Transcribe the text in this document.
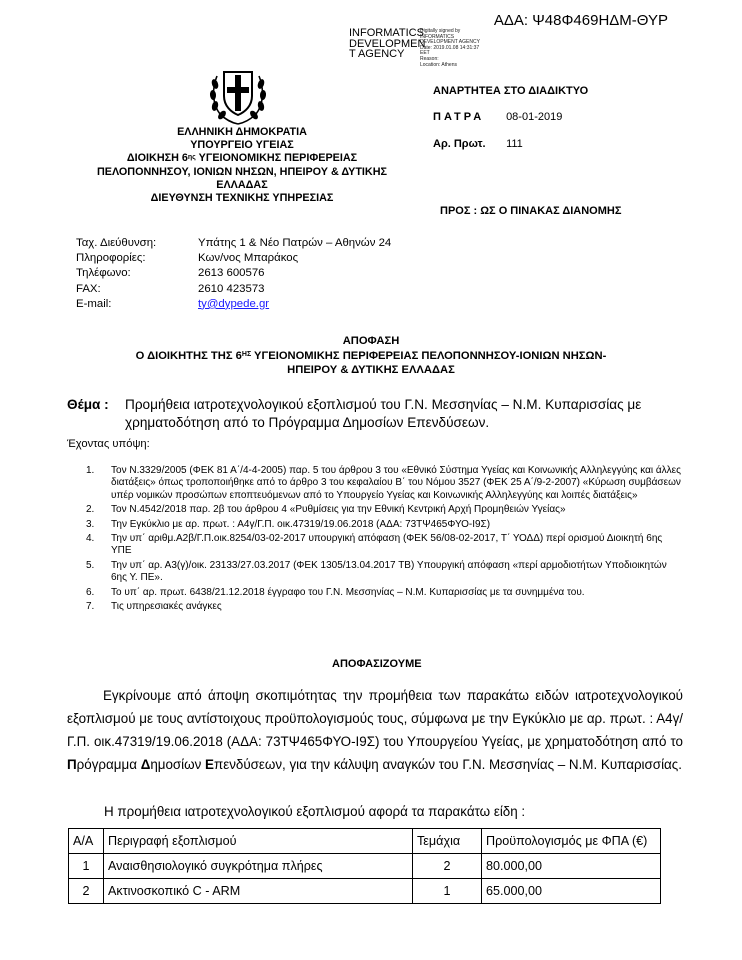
ΑΔΑ: Ψ48Φ469ΗΔΜ-ΘΥΡ
INFORMATICS
DEVELOPMEN
T AGENCY
Digitally signed by
INFORMATICS
DEVELOPMENT AGENCY
Date: 2019.01.08 14:31:37
EET
Reason:
Location: Athens
ΕΛΛΗΝΙΚΗ ΔΗΜΟΚΡΑΤΙΑ
ΥΠΟΥΡΓΕΙΟ ΥΓΕΙΑΣ
ΔΙΟΙΚΗΣΗ $6^{\eta\varsigma}$ ΥΓΕΙΟΝΟΜΙΚΗΣ ΠΕΡΙΦΕΡΕΙΑΣ
ΠΕΛΟΠΟΝΝΗΣΟΥ, ΙΟΝΙΩΝ ΝΗΣΩΝ, ΗΠΕΙΡΟΥ & ΔΥΤΙΚΗΣ
ΕΛΛΑΔΑΣ
ΔΙΕΥΘΥΝΣΗ ΤΕΧΝΙΚΗΣ ΥΠΗΡΕΣΙΑΣ
ΑΝΑΡΤΗΤΕΑ ΣΤΟ ΔΙΑΔΙΚΤΥΟ
ΠΑΤΡΑ 08-01-2019
Αρ. Πρωτ. 111
ΠΡΟΣ : ΩΣ Ο ΠΙΝΑΚΑΣ ΔΙΑΝΟΜΗΣ
Ταχ. Διεύθυνση:	Υπάτης 1 & Νέο Πατρών – Αθηνών 24
Πληροφορίες:	Κων/νος Μπαράκος
Τηλέφωνο:	2613 600576
FAX:	2610 423573
E-mail:	ty@dypede.gr
ΑΠΟΦΑΣΗ
Ο ΔΙΟΙΚΗΤΗΣ ΤΗΣ $6^{H\Sigma}$ ΥΓΕΙΟΝΟΜΙΚΗΣ ΠΕΡΙΦΕΡΕΙΑΣ ΠΕΛΟΠΟΝΝΗΣΟΥ-ΙΟΝΙΩΝ ΝΗΣΩΝ-
ΗΠΕΙΡΟΥ & ΔΥΤΙΚΗΣ ΕΛΛΑΔΑΣ
Θέμα : Προμήθεια ιατροτεχνολογικού εξοπλισμού του Γ.Ν. Μεσσηνίας – Ν.Μ. Κυπαρισσίας με χρηματοδότηση από το Πρόγραμμα Δημοσίων Επενδύσεων.
Έχοντας υπόψη:
1.	Τον Ν.3329/2005 (ΦΕΚ 81 Α΄/4-4-2005) παρ. 5 του άρθρου 3 του «Εθνικό Σύστημα Υγείας και Κοινωνικής Αλληλεγγύης και άλλες διατάξεις» όπως τροποποιήθηκε από το άρθρο 3 του κεφαλαίου Β΄ του Νόμου 3527 (ΦΕΚ 25 Α΄/9-2-2007) «Κύρωση συμβάσεων υπέρ νομικών προσώπων εποπτευόμενων από το Υπουργείο Υγείας και Κοινωνικής Αλληλεγγύης και λοιπές διατάξεις»
2.	Τον Ν.4542/2018 παρ. 2β του άρθρου 4 «Ρυθμίσεις για την Εθνική Κεντρική Αρχή Προμηθειών Υγείας»
3.	Την Εγκύκλιο με αρ. πρωτ. : Α4γ/Γ.Π. οικ.47319/19.06.2018 (ΑΔΑ: 73ΤΨ465ΦΥΟ-Ι9Σ)
4.	Την υπ΄ αριθμ.Α2β/Γ.Π.οικ.8254/03-02-2017 υπουργική απόφαση (ΦΕΚ 56/08-02-2017, Τ΄ ΥΟΔΔ) περί ορισμού Διοικητή 6ης ΥΠΕ
5.	Την υπ΄ αρ. Α3(γ)/οικ. 23133/27.03.2017 (ΦΕΚ 1305/13.04.2017 ΤΒ) Υπουργική απόφαση «περί αρμοδιοτήτων Υποδιοικητών 6ης Υ. ΠΕ».
6.	Το υπ΄ αρ. πρωτ. 6438/21.12.2018 έγγραφο του Γ.Ν. Μεσσηνίας – Ν.Μ. Κυπαρισσίας με τα συνημμένα του.
7.	Τις υπηρεσιακές ανάγκες
ΑΠΟΦΑΣΙΖΟΥΜΕ
Εγκρίνουμε από άποψη σκοπιμότητας την προμήθεια των παρακάτω ειδών ιατροτεχνολογικού εξοπλισμού με τους αντίστοιχους προϋπολογισμούς τους, σύμφωνα με την Εγκύκλιο με αρ. πρωτ. : Α4γ/Γ.Π. οικ.47319/19.06.2018 (ΑΔΑ: 73ΤΨ465ΦΥΟ-Ι9Σ) του Υπουργείου Υγείας, με χρηματοδότηση από το Πρόγραμμα Δημοσίων Επενδύσεων, για την κάλυψη αναγκών του Γ.Ν. Μεσσηνίας – Ν.Μ. Κυπαρισσίας.
Η προμήθεια ιατροτεχνολογικού εξοπλισμού αφορά τα παρακάτω είδη :
Α/Α	Περιγραφή εξοπλισμού	Τεμάχια	Προϋπολογισμός με ΦΠΑ (€)
1	Αναισθησιολογικό συγκρότημα πλήρες	2	80.000,00
2	Ακτινοσκοπικό C - ARM	1	65.000,00
